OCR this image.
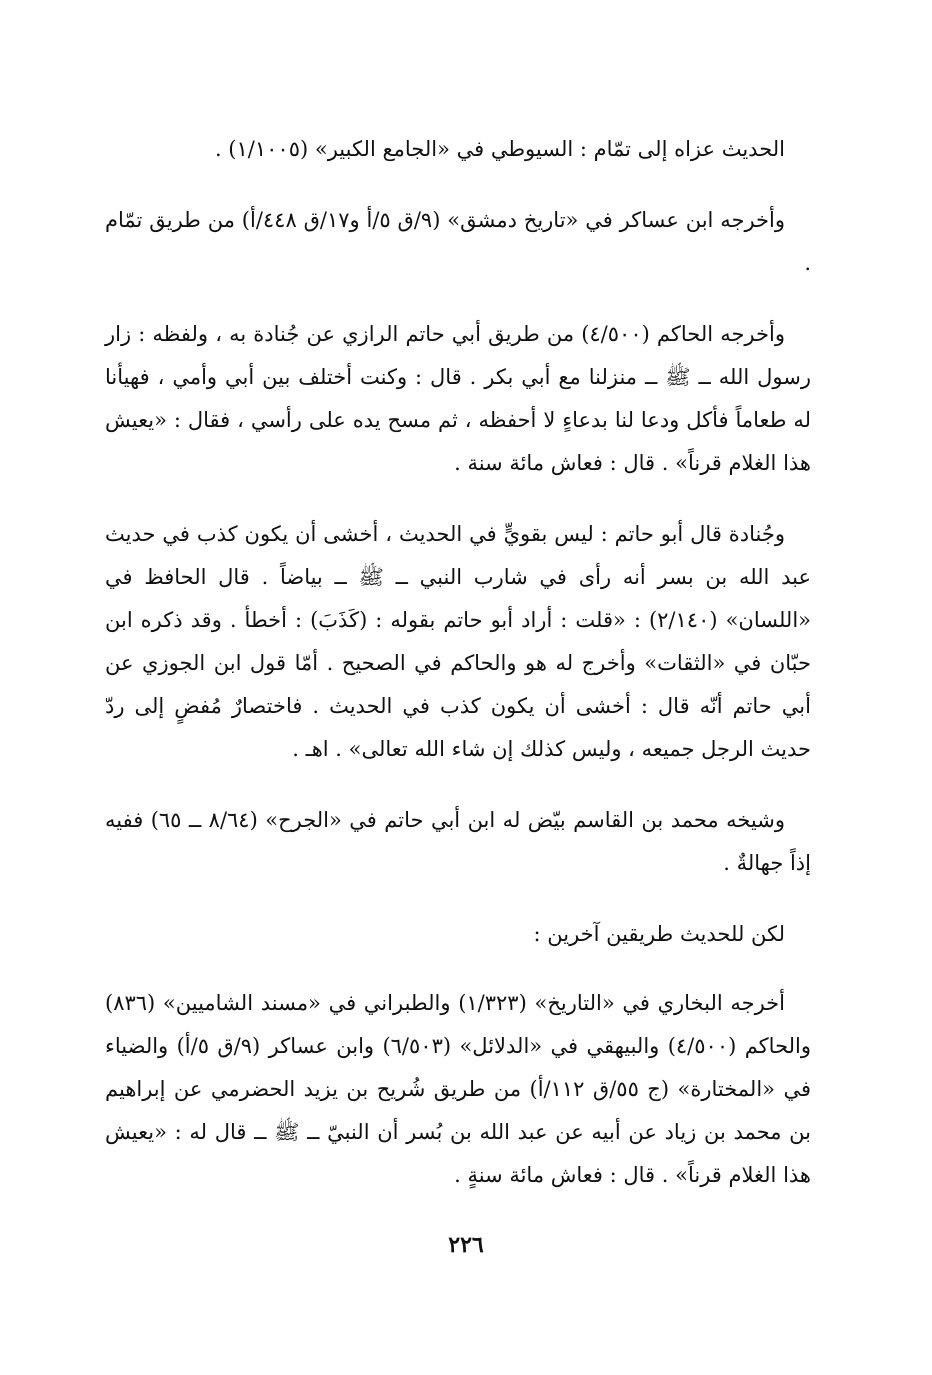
الحديث عزاه إلى تمّام : السيوطي في «الجامع الكبير» (١/١٠٠٥) .

وأخرجه ابن عساكر في «تاريخ دمشق» (٩/ق ٥/أ و١٧/ق ٤٤٨/أ) من طريق تمّام .

وأخرجه الحاكم (٤/٥٠٠) من طريق أبي حاتم الرازي عن جُنادة به ، ولفظه : زار رسول الله ــ ﷺ ــ منزلنا مع أبي بكر . قال : وكنت أختلف بين أبي وأمي ، فهيأنا له طعاماً فأكل ودعا لنا بدعاءٍ لا أحفظه ، ثم مسح يده على رأسي ، فقال : «يعيش هذا الغلام قرناً» . قال : فعاش مائة سنة .

وجُنادة قال أبو حاتم : ليس بقويٍّ في الحديث ، أخشى أن يكون كذب في حديث عبد الله بن بسر أنه رأى في شارب النبي ــ ﷺ ــ بياضاً . قال الحافظ في «اللسان» (٢/١٤٠) : «قلت : أراد أبو حاتم بقوله : (كَذَبَ) : أخطأ . وقد ذكره ابن حبّان في «الثقات» وأخرج له هو والحاكم في الصحيح . أمّا قول ابن الجوزي عن أبي حاتم أنّه قال : أخشى أن يكون كذب في الحديث . فاختصارٌ مُفضٍ إلى ردّ حديث الرجل جميعه ، وليس كذلك إن شاء الله تعالى» . اهـ .

وشيخه محمد بن القاسم بيّض له ابن أبي حاتم في «الجرح» (٨/٦٤ ــ ٦٥) ففيه إذاً جهالةٌ .

لكن للحديث طريقين آخرين :

أخرجه البخاري في «التاريخ» (١/٣٢٣) والطبراني في «مسند الشاميين» (٨٣٦) والحاكم (٤/٥٠٠) والبيهقي في «الدلائل» (٦/٥٠٣) وابن عساكر (٩/ق ٥/أ) والضياء في «المختارة» (ج ٥٥/ق ١١٢/أ) من طريق شُريح بن يزيد الحضرمي عن إبراهيم بن محمد بن زياد عن أبيه عن عبد الله بن بُسر أن النبيّ ــ ﷺ ــ قال له : «يعيش هذا الغلام قرناً» . قال : فعاش مائة سنةٍ .

٢٢٦
